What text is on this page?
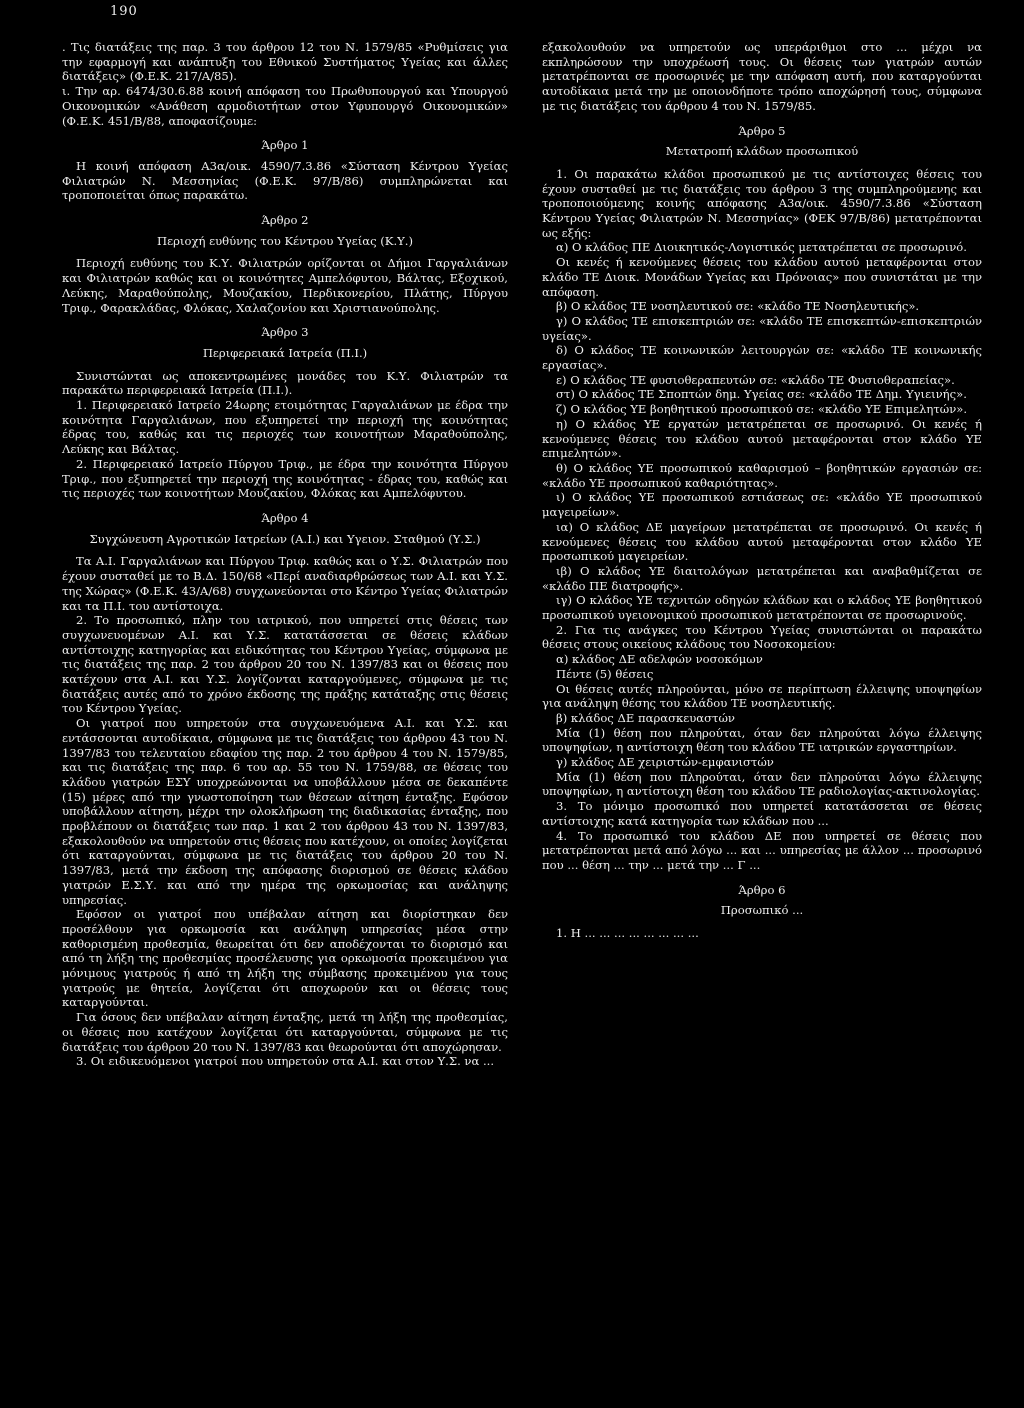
190

. Τις διατάξεις της παρ. 3 του άρθρου 12 του Ν. 1579/85 «Ρυθμίσεις για την εφαρμογή και ανάπτυξη του Εθνικού Συστήματος Υγείας και άλλες διατάξεις» (Φ.Ε.Κ. 217/Α/85).

ι. Την αρ. 6474/30.6.88 κοινή απόφαση του Πρωθυπουργού και Υπουργού Οικονομικών «Ανάθεση αρμοδιοτήτων στον Υφυπουργό Οικονομικών» (Φ.Ε.Κ. 451/Β/88, αποφασίζουμε:

Άρθρο 1

Η κοινή απόφαση Α3α/οικ. 4590/7.3.86 «Σύσταση Κέντρου Υγείας Φιλιατρών Ν. Μεσσηνίας (Φ.Ε.Κ. 97/Β/86) συμπληρώνεται και τροποποιείται όπως παρακάτω.

Άρθρο 2

Περιοχή ευθύνης του Κέντρου Υγείας (Κ.Υ.)

Περιοχή ευθύνης του Κ.Υ. Φιλιατρών ορίζονται οι Δήμοι Γαργαλιάνων και Φιλιατρών καθώς και οι κοινότητες Αμπελόφυτου, Βάλτας, Εξοχικού, Λεύκης, Μαραθούπολης, Μουζακίου, Περδικονερίου, Πλάτης, Πύργου Τριφ., Φαρακλάδας, Φλόκας, Χαλαζονίου και Χριστιανούπολης.

Άρθρο 3

Περιφερειακά Ιατρεία (Π.Ι.)

Συνιστώνται ως αποκεντρωμένες μονάδες του Κ.Υ. Φιλιατρών τα παρακάτω περιφερειακά Ιατρεία (Π.Ι.).

1. Περιφερειακό Ιατρείο 24ωρης ετοιμότητας Γαργαλιάνων με έδρα την κοινότητα Γαργαλιάνων, που εξυπηρετεί την περιοχή της κοινότητας έδρας του, καθώς και τις περιοχές των κοινοτήτων Μαραθούπολης, Λεύκης και Βάλτας.

2. Περιφερειακό Ιατρείο Πύργου Τριφ., με έδρα την κοινότητα Πύργου Τριφ., που εξυπηρετεί την περιοχή της κοινότητας - έδρας του, καθώς και τις περιοχές των κοινοτήτων Μουζακίου, Φλόκας και Αμπελόφυτου.

Άρθρο 4

Συγχώνευση Αγροτικών Ιατρείων (Α.Ι.) και Υγειον. Σταθμού (Υ.Σ.)

Τα Α.Ι. Γαργαλιάνων και Πύργου Τριφ. καθώς και ο Υ.Σ. Φιλιατρών που έχουν συσταθεί με το Β.Δ. 150/68 «Περί αναδιαρθρώσεως των Α.Ι. και Υ.Σ. της Χώρας» (Φ.Ε.Κ. 43/Α/68) συγχωνεύονται στο Κέντρο Υγείας Φιλιατρών και τα Π.Ι. του αντίστοιχα.

2. Το προσωπικό, πλην του ιατρικού, που υπηρετεί στις θέσεις των συγχωνευομένων Α.Ι. και Υ.Σ. κατατάσσεται σε θέσεις κλάδων αντίστοιχης κατηγορίας και ειδικότητας του Κέντρου Υγείας, σύμφωνα με τις διατάξεις της παρ. 2 του άρθρου 20 του Ν. 1397/83 και οι θέσεις που κατέχουν στα Α.Ι. και Υ.Σ. λογίζονται καταργούμενες, σύμφωνα με τις διατάξεις αυτές από το χρόνο έκδοσης της πράξης κατάταξης στις θέσεις του Κέντρου Υγείας.

Οι γιατροί που υπηρετούν στα συγχωνευόμενα Α.Ι. και Υ.Σ. και εντάσσονται αυτοδίκαια, σύμφωνα με τις διατάξεις του άρθρου 43 του Ν. 1397/83 του τελευταίου εδαφίου της παρ. 2 του άρθρου 4 του Ν. 1579/85, και τις διατάξεις της παρ. 6 του αρ. 55 του Ν. 1759/88, σε θέσεις του κλάδου γιατρών ΕΣΥ υποχρεώνονται να υποβάλλουν μέσα σε δεκαπέντε (15) μέρες από την γνωστοποίηση των θέσεων αίτηση ένταξης. Εφόσον υποβάλλουν αίτηση, μέχρι την ολοκλήρωση της διαδικασίας ένταξης, που προβλέπουν οι διατάξεις των παρ. 1 και 2 του άρθρου 43 του Ν. 1397/83, εξακολουθούν να υπηρετούν στις θέσεις που κατέχουν, οι οποίες λογίζεται ότι καταργούνται, σύμφωνα με τις διατάξεις του άρθρου 20 του Ν. 1397/83, μετά την έκδοση της απόφασης διορισμού σε θέσεις κλάδου γιατρών Ε.Σ.Υ. και από την ημέρα της ορκωμοσίας και ανάληψης υπηρεσίας.

Εφόσον οι γιατροί που υπέβαλαν αίτηση και διορίστηκαν δεν προσέλθουν για ορκωμοσία και ανάληψη υπηρεσίας μέσα στην καθορισμένη προθεσμία, θεωρείται ότι δεν αποδέχονται το διορισμό και από τη λήξη της προθεσμίας προσέλευσης για ορκωμοσία προκειμένου για μόνιμους γιατρούς ή από τη λήξη της σύμβασης προκειμένου για τους γιατρούς με θητεία, λογίζεται ότι αποχωρούν και οι θέσεις τους καταργούνται.

Για όσους δεν υπέβαλαν αίτηση ένταξης, μετά τη λήξη της προθεσμίας, οι θέσεις που κατέχουν λογίζεται ότι καταργούνται, σύμφωνα με τις διατάξεις του άρθρου 20 του Ν. 1397/83 και θεωρούνται ότι αποχώρησαν.

3. Οι ειδικευόμενοι γιατροί που υπηρετούν στα Α.Ι. και στον Υ.Σ. να ...

εξακολουθούν να υπηρετούν ως υπεράριθμοι στο ... μέχρι να εκπληρώσουν την υποχρέωσή τους. Οι θέσεις των γιατρών αυτών μετατρέπονται σε προσωρινές με την απόφαση αυτή, που καταργούνται αυτοδίκαια μετά την με οποιονδήποτε τρόπο αποχώρησή τους, σύμφωνα με τις διατάξεις του άρθρου 4 του Ν. 1579/85.

Άρθρο 5

Μετατροπή κλάδων προσωπικού

1. Οι παρακάτω κλάδοι προσωπικού με τις αντίστοιχες θέσεις του έχουν συσταθεί με τις διατάξεις του άρθρου 3 της συμπληρούμενης και τροποποιούμενης κοινής απόφασης Α3α/οικ. 4590/7.3.86 «Σύσταση Κέντρου Υγείας Φιλιατρών Ν. Μεσσηνίας» (ΦΕΚ 97/Β/86) μετατρέπονται ως εξής:

α) Ο κλάδος ΠΕ Διοικητικός-Λογιστικός μετατρέπεται σε προσωρινό.

Οι κενές ή κενούμενες θέσεις του κλάδου αυτού μεταφέρονται στον κλάδο ΤΕ Διοικ. Μονάδων Υγείας και Πρόνοιας» που συνιστάται με την απόφαση.

β) Ο κλάδος ΤΕ νοσηλευτικού σε: «κλάδο ΤΕ Νοσηλευτικής».

γ) Ο κλάδος ΤΕ επισκεπτριών σε: «κλάδο ΤΕ επισκεπτών-επισκεπτριών υγείας».

δ) Ο κλάδος ΤΕ κοινωνικών λειτουργών σε: «κλάδο ΤΕ κοινωνικής εργασίας».

ε) Ο κλάδος ΤΕ φυσιοθεραπευτών σε: «κλάδο ΤΕ Φυσιοθεραπείας».

στ) Ο κλάδος ΤΕ Σποπτών δημ. Υγείας σε: «κλάδο ΤΕ Δημ. Υγιεινής».

ζ) Ο κλάδος ΥΕ βοηθητικού προσωπικού σε: «κλάδο ΥΕ Επιμελητών».

η) Ο κλάδος ΥΕ εργατών μετατρέπεται σε προσωρινό. Οι κενές ή κενούμενες θέσεις του κλάδου αυτού μεταφέρονται στον κλάδο ΥΕ επιμελητών».

θ) Ο κλάδος ΥΕ προσωπικού καθαρισμού – βοηθητικών εργασιών σε: «κλάδο ΥΕ προσωπικού καθαριότητας».

ι) Ο κλάδος ΥΕ προσωπικού εστιάσεως σε: «κλάδο ΥΕ προσωπικού μαγειρείων».

ια) Ο κλάδος ΔΕ μαγείρων μετατρέπεται σε προσωρινό. Οι κενές ή κενούμενες θέσεις του κλάδου αυτού μεταφέρονται στον κλάδο ΥΕ προσωπικού μαγειρείων.

ιβ) Ο κλάδος ΥΕ διαιτολόγων μετατρέπεται και αναβαθμίζεται σε «κλάδο ΠΕ διατροφής».

ιγ) Ο κλάδος ΥΕ τεχνιτών οδηγών κλάδων και ο κλάδος ΥΕ βοηθητικού προσωπικού υγειονομικού προσωπικού μετατρέπονται σε προσωρινούς.

2. Για τις ανάγκες του Κέντρου Υγείας συνιστώνται οι παρακάτω θέσεις στους οικείους κλάδους του Νοσοκομείου:

α) κλάδος ΔΕ αδελφών νοσοκόμων

Πέντε (5) θέσεις

Οι θέσεις αυτές πληρούνται, μόνο σε περίπτωση έλλειψης υποψηφίων για ανάληψη θέσης του κλάδου ΤΕ νοσηλευτικής.

β) κλάδος ΔΕ παρασκευαστών

Μία (1) θέση που πληρούται, όταν δεν πληρούται λόγω έλλειψης υποψηφίων, η αντίστοιχη θέση του κλάδου ΤΕ ιατρικών εργαστηρίων.

γ) κλάδος ΔΕ χειριστών-εμφανιστών

Μία (1) θέση που πληρούται, όταν δεν πληρούται λόγω έλλειψης υποψηφίων, η αντίστοιχη θέση του κλάδου ΤΕ ραδιολογίας-ακτινολογίας.

3. Το μόνιμο προσωπικό που υπηρετεί κατατάσσεται σε θέσεις αντίστοιχης κατά κατηγορία των κλάδων που ...

4. Το προσωπικό του κλάδου ΔΕ που υπηρετεί σε θέσεις που μετατρέπονται μετά από λόγω ... και ... υπηρεσίας με άλλον ... προσωρινό που ... θέση ... την ... μετά την ... Γ ...

Άρθρο 6

Προσωπικό ...

1. Η ... ... ... ... ... ... ... ...
